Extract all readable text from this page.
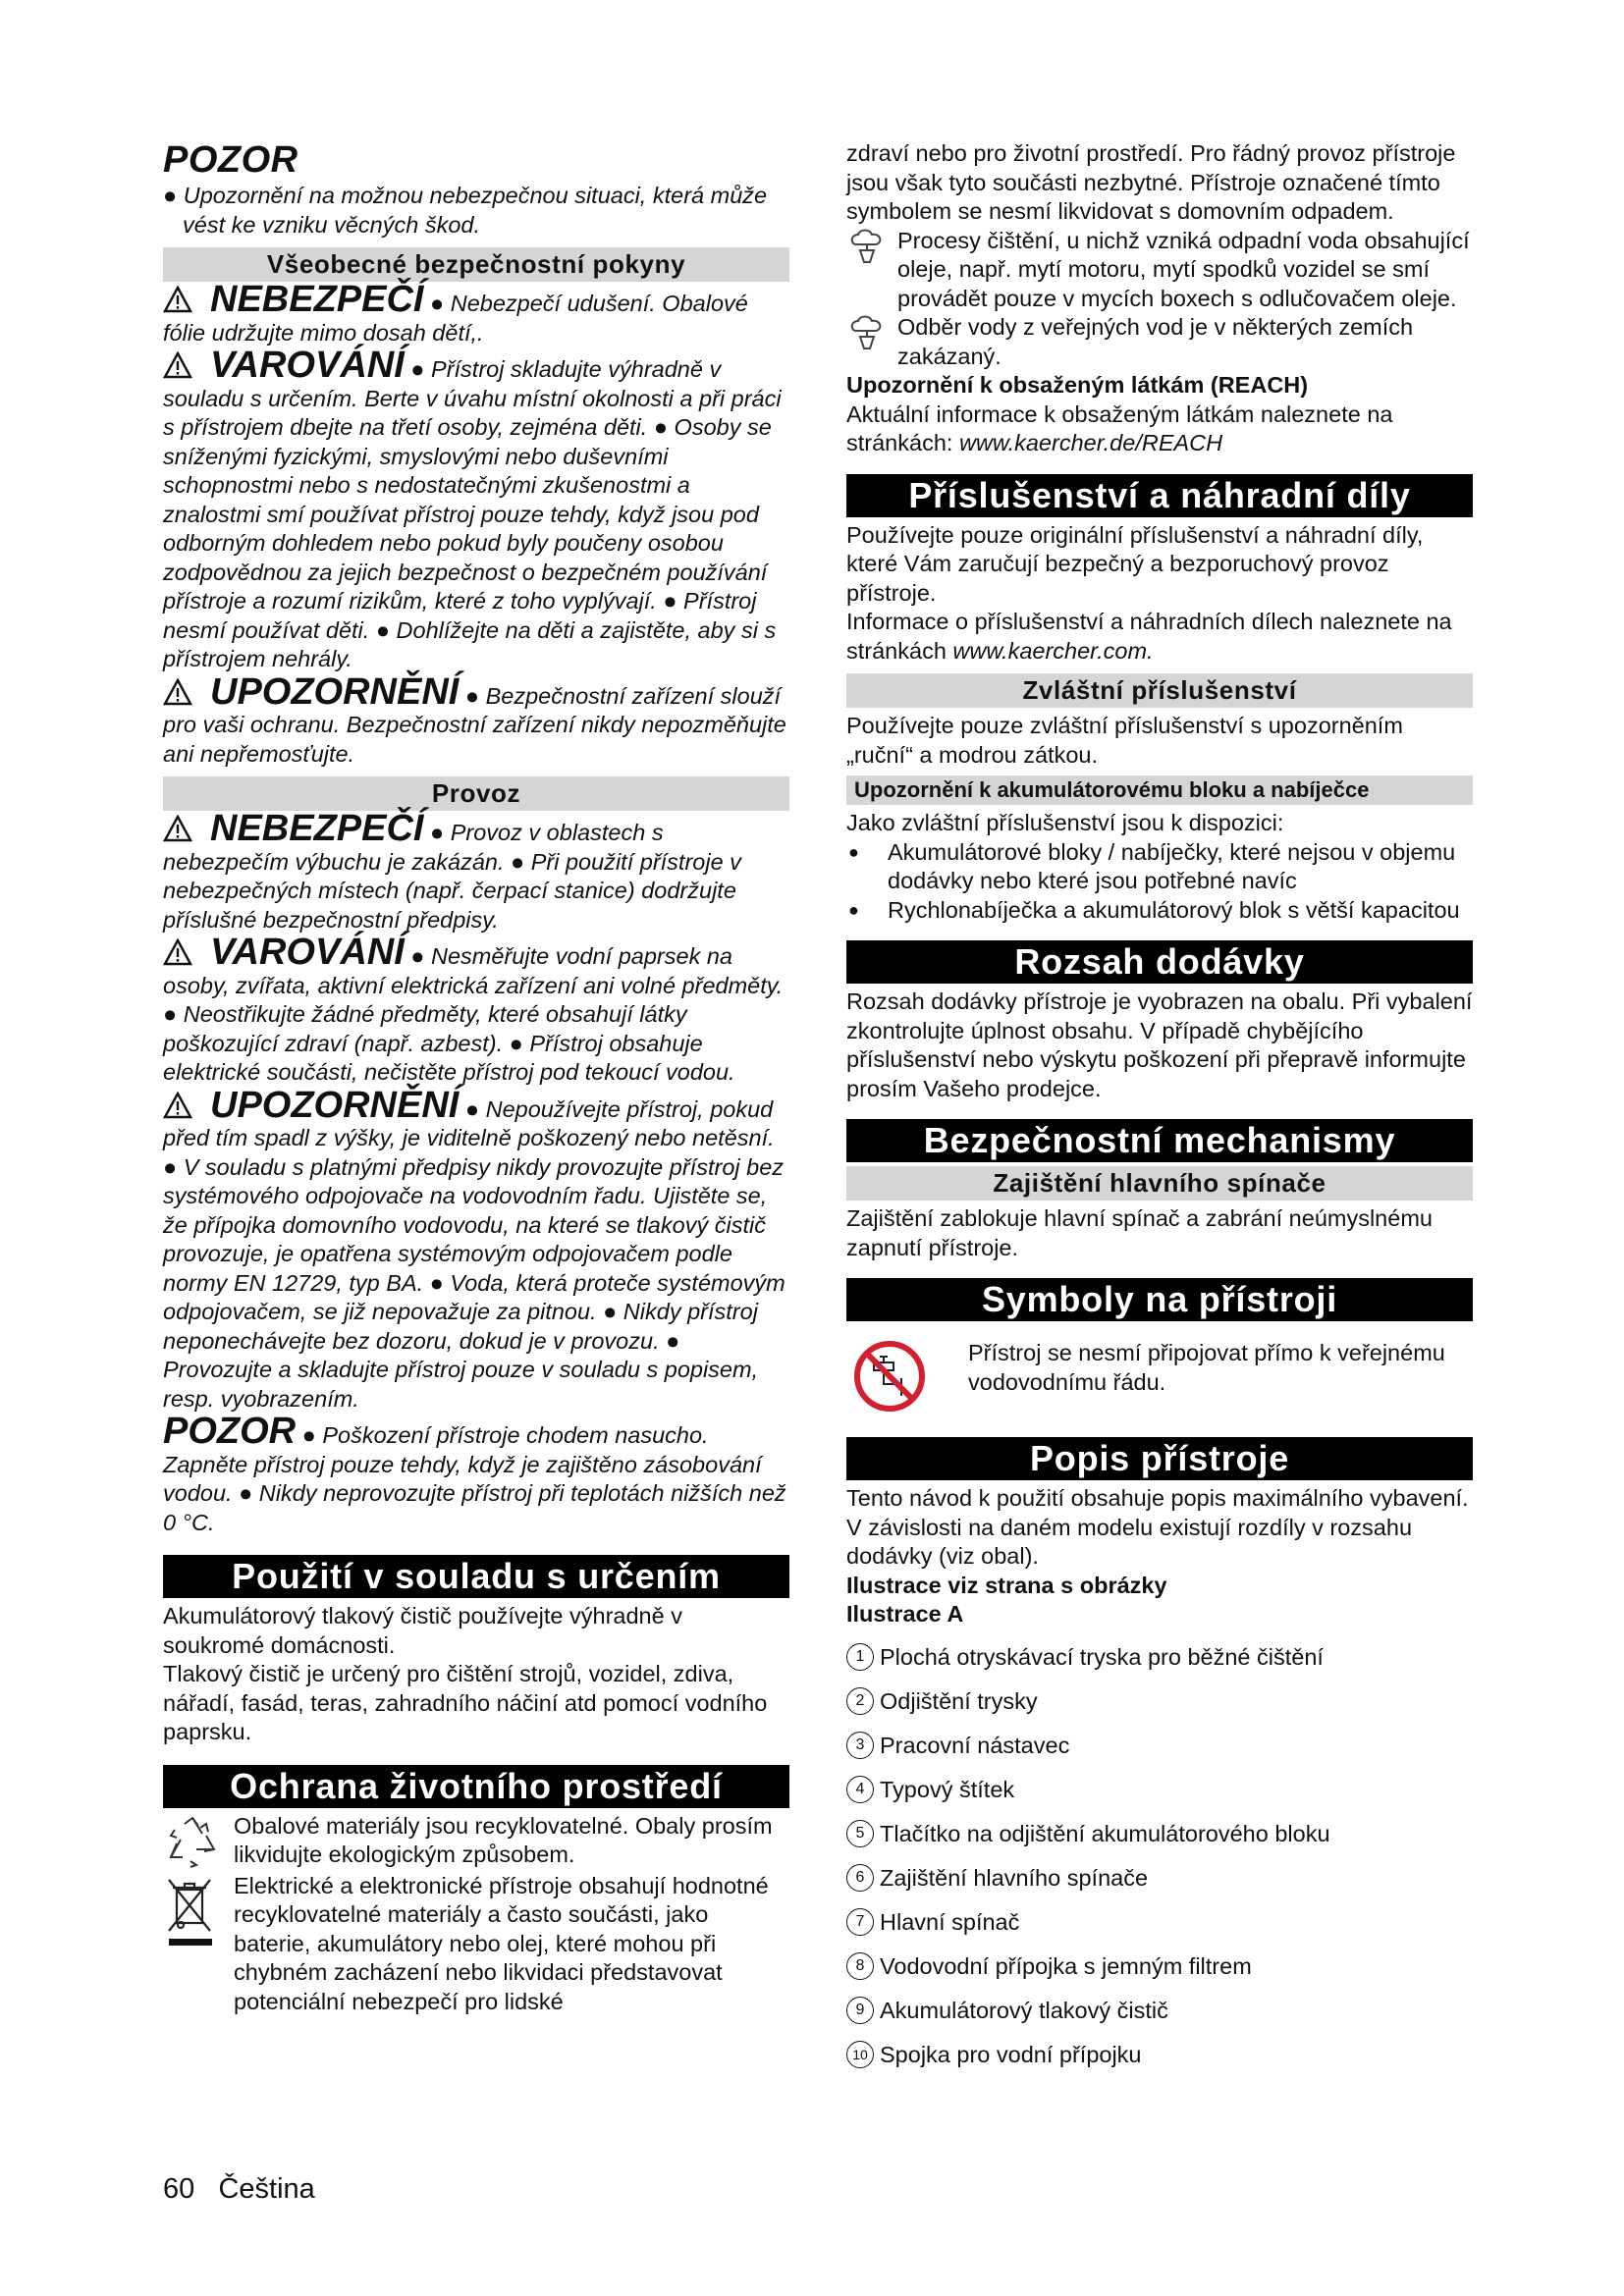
POZOR

● Upozornění na možnou nebezpečnou situaci, která může vést ke vzniku věcných škod.

Všeobecné bezpečnostní pokyny

NEBEZPEČÍ ● Nebezpečí udušení. Obalové fólie udržujte mimo dosah dětí,.

VAROVÁNÍ ● Přístroj skladujte výhradně v souladu s určením. Berte v úvahu místní okolnosti a při práci s přístrojem dbejte na třetí osoby, zejména děti. ● Osoby se sníženými fyzickými, smyslovými nebo duševními schopnostmi nebo s nedostatečnými zkušenostmi a znalostmi smí používat přístroj pouze tehdy, když jsou pod odborným dohledem nebo pokud byly poučeny osobou zodpovědnou za jejich bezpečnost o bezpečném používání přístroje a rozumí rizikům, které z toho vyplývají. ● Přístroj nesmí používat děti. ● Dohlížejte na děti a zajistěte, aby si s přístrojem nehrály.

UPOZORNĚNÍ ● Bezpečnostní zařízení slouží pro vaši ochranu. Bezpečnostní zařízení nikdy nepozměňujte ani nepřemosťujte.

Provoz

NEBEZPEČÍ ● Provoz v oblastech s nebezpečím výbuchu je zakázán. ● Při použití přístroje v nebezpečných místech (např. čerpací stanice) dodržujte příslušné bezpečnostní předpisy.

VAROVÁNÍ ● Nesměřujte vodní paprsek na osoby, zvířata, aktivní elektrická zařízení ani volné předměty. ● Neostřikujte žádné předměty, které obsahují látky poškozující zdraví (např. azbest). ● Přístroj obsahuje elektrické součásti, nečistěte přístroj pod tekoucí vodou.

UPOZORNĚNÍ ● Nepoužívejte přístroj, pokud před tím spadl z výšky, je viditelně poškozený nebo netěsní. ● V souladu s platnými předpisy nikdy provozujte přístroj bez systémového odpojovače na vodovodním řadu. Ujistěte se, že přípojka domovního vodovodu, na které se tlakový čistič provozuje, je opatřena systémovým odpojovačem podle normy EN 12729, typ BA. ● Voda, která proteče systémovým odpojovačem, se již nepovažuje za pitnou. ● Nikdy přístroj neponechávejte bez dozoru, dokud je v provozu. ● Provozujte a skladujte přístroj pouze v souladu s popisem, resp. vyobrazením.

POZOR ● Poškození přístroje chodem nasucho. Zapněte přístroj pouze tehdy, když je zajištěno zásobování vodou. ● Nikdy neprovozujte přístroj při teplotách nižších než 0 °C.

Použití v souladu s určením

Akumulátorový tlakový čistič používejte výhradně v soukromé domácnosti.

Tlakový čistič je určený pro čištění strojů, vozidel, zdiva, nářadí, fasád, teras, zahradního náčiní atd pomocí vodního paprsku.

Ochrana životního prostředí

Obalové materiály jsou recyklovatelné. Obaly prosím likvidujte ekologickým způsobem.

Elektrické a elektronické přístroje obsahují hodnotné recyklovatelné materiály a často součásti, jako baterie, akumulátory nebo olej, které mohou při chybném zacházení nebo likvidaci představovat potenciální nebezpečí pro lidské

zdraví nebo pro životní prostředí. Pro řádný provoz přístroje jsou však tyto součásti nezbytné. Přístroje označené tímto symbolem se nesmí likvidovat s domovním odpadem.

Procesy čištění, u nichž vzniká odpadní voda obsahující oleje, např. mytí motoru, mytí spodků vozidel se smí provádět pouze v mycích boxech s odlučovačem oleje.

Odběr vody z veřejných vod je v některých zemích zakázaný.

Upozornění k obsaženým látkám (REACH)

Aktuální informace k obsaženým látkám naleznete na stránkách: www.kaercher.de/REACH

Příslušenství a náhradní díly

Používejte pouze originální příslušenství a náhradní díly, které Vám zaručují bezpečný a bezporuchový provoz přístroje.

Informace o příslušenství a náhradních dílech naleznete na stránkách www.kaercher.com.

Zvláštní příslušenství

Používejte pouze zvláštní příslušenství s upozorněním „ruční“ a modrou zátkou.

Upozornění k akumulátorovému bloku a nabíječce

Jako zvláštní příslušenství jsou k dispozici:

●	Akumulátorové bloky / nabíječky, které nejsou v objemu dodávky nebo které jsou potřebné navíc
●	Rychlonabíječka a akumulátorový blok s větší kapacitou
Rozsah dodávky

Rozsah dodávky přístroje je vyobrazen na obalu. Při vybalení zkontrolujte úplnost obsahu. V případě chybějícího příslušenství nebo výskytu poškození při přepravě informujte prosím Vašeho prodejce.

Bezpečnostní mechanismy
Zajištění hlavního spínače

Zajištění zablokuje hlavní spínač a zabrání neúmyslnému zapnutí přístroje.

Symboly na přístroji

Přístroj se nesmí připojovat přímo k veřejnému vodovodnímu řádu.

Popis přístroje

Tento návod k použití obsahuje popis maximálního vybavení. V závislosti na daném modelu existují rozdíly v rozsahu dodávky (viz obal).

Ilustrace viz strana s obrázky

Ilustrace A

1 Plochá otryskávací tryska pro běžné čištění
2 Odjištění trysky
3 Pracovní nástavec
4 Typový štítek
5 Tlačítko na odjištění akumulátorového bloku
6 Zajištění hlavního spínače
7 Hlavní spínač
8 Vodovodní přípojka s jemným filtrem
9 Akumulátorový tlakový čistič
10 Spojka pro vodní přípojku
60 Čeština
